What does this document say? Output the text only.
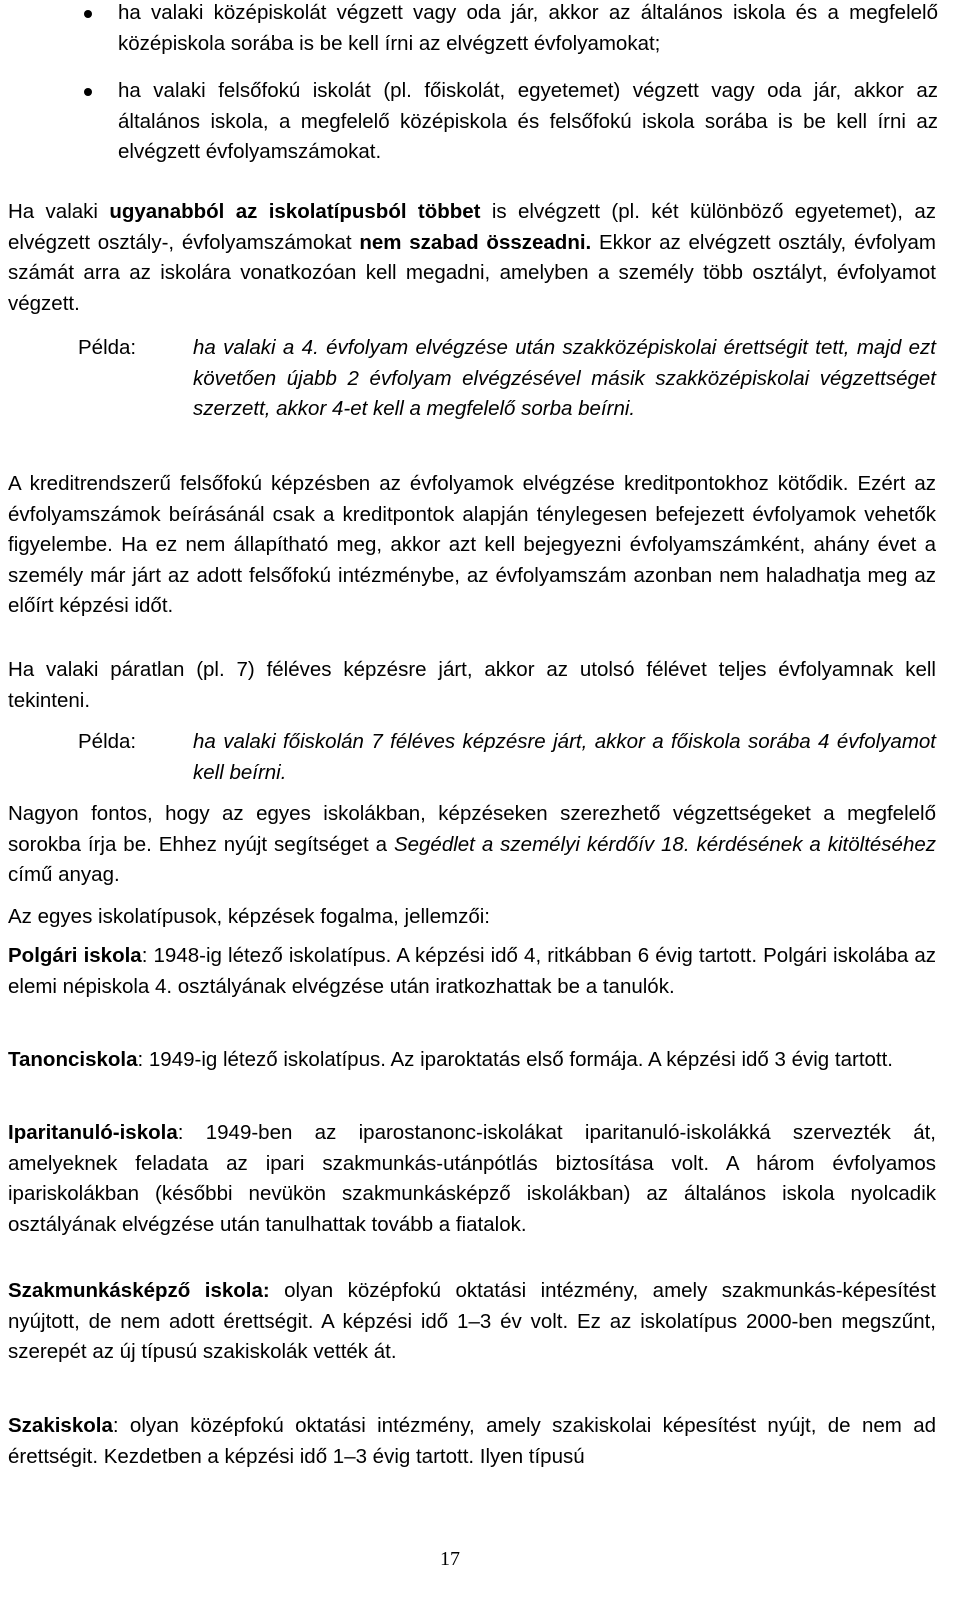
ha valaki középiskolát végzett vagy oda jár, akkor az általános iskola és a megfelelő középiskola sorába is be kell írni az elvégzett évfolyamokat;
ha valaki felsőfokú iskolát (pl. főiskolát, egyetemet) végzett vagy oda jár, akkor az általános iskola, a megfelelő középiskola és felsőfokú iskola sorába is be kell írni az elvégzett évfolyamszámokat.

Ha valaki ugyanabból az iskolatípusból többet is elvégzett (pl. két különböző egyetemet), az elvégzett osztály-, évfolyamszámokat nem szabad összeadni. Ekkor az elvégzett osztály, évfolyam számát arra az iskolára vonatkozóan kell megadni, amelyben a személy több osztályt, évfolyamot végzett.

Példa:	ha valaki a 4. évfolyam elvégzése után szakközépiskolai érettségit tett, majd ezt követően újabb 2 évfolyam elvégzésével másik szakközépiskolai végzettséget szerzett, akkor 4-et kell a megfelelő sorba beírni.

A kreditrendszerű felsőfokú képzésben az évfolyamok elvégzése kreditpontokhoz kötődik. Ezért az évfolyamszámok beírásánál csak a kreditpontok alapján ténylegesen befejezett évfolyamok vehetők figyelembe. Ha ez nem állapítható meg, akkor azt kell bejegyezni évfolyamszámként, ahány évet a személy már járt az adott felsőfokú intézménybe, az évfolyamszám azonban nem haladhatja meg az előírt képzési időt.

Ha valaki páratlan (pl. 7) féléves képzésre járt, akkor az utolsó félévet teljes évfolyamnak kell tekinteni.

Példa:	ha valaki főiskolán 7 féléves képzésre járt, akkor a főiskola sorába 4 évfolyamot kell beírni.

Nagyon fontos, hogy az egyes iskolákban, képzéseken szerezhető végzettségeket a megfelelő sorokba írja be. Ehhez nyújt segítséget a Segédlet a személyi kérdőív 18. kérdésének a kitöltéséhez című anyag.

Az egyes iskolatípusok, képzések fogalma, jellemzői:

Polgári iskola: 1948-ig létező iskolatípus. A képzési idő 4, ritkábban 6 évig tartott. Polgári iskolába az elemi népiskola 4. osztályának elvégzése után iratkozhattak be a tanulók.

Tanonciskola: 1949-ig létező iskolatípus. Az iparoktatás első formája. A képzési idő 3 évig tartott.

Iparitanuló-iskola: 1949-ben az iparostanonc-iskolákat iparitanuló-iskolákká szervezték át, amelyeknek feladata az ipari szakmunkás-utánpótlás biztosítása volt. A három évfolyamos ipariskolákban (későbbi nevükön szakmunkásképző iskolákban) az általános iskola nyolcadik osztályának elvégzése után tanulhattak tovább a fiatalok.

Szakmunkásképző iskola: olyan középfokú oktatási intézmény, amely szakmunkás-képesítést nyújtott, de nem adott érettségit. A képzési idő 1–3 év volt. Ez az iskolatípus 2000-ben megszűnt, szerepét az új típusú szakiskolák vették át.

Szakiskola: olyan középfokú oktatási intézmény, amely szakiskolai képesítést nyújt, de nem ad érettségit. Kezdetben a képzési idő 1–3 évig tartott. Ilyen típusú

17
